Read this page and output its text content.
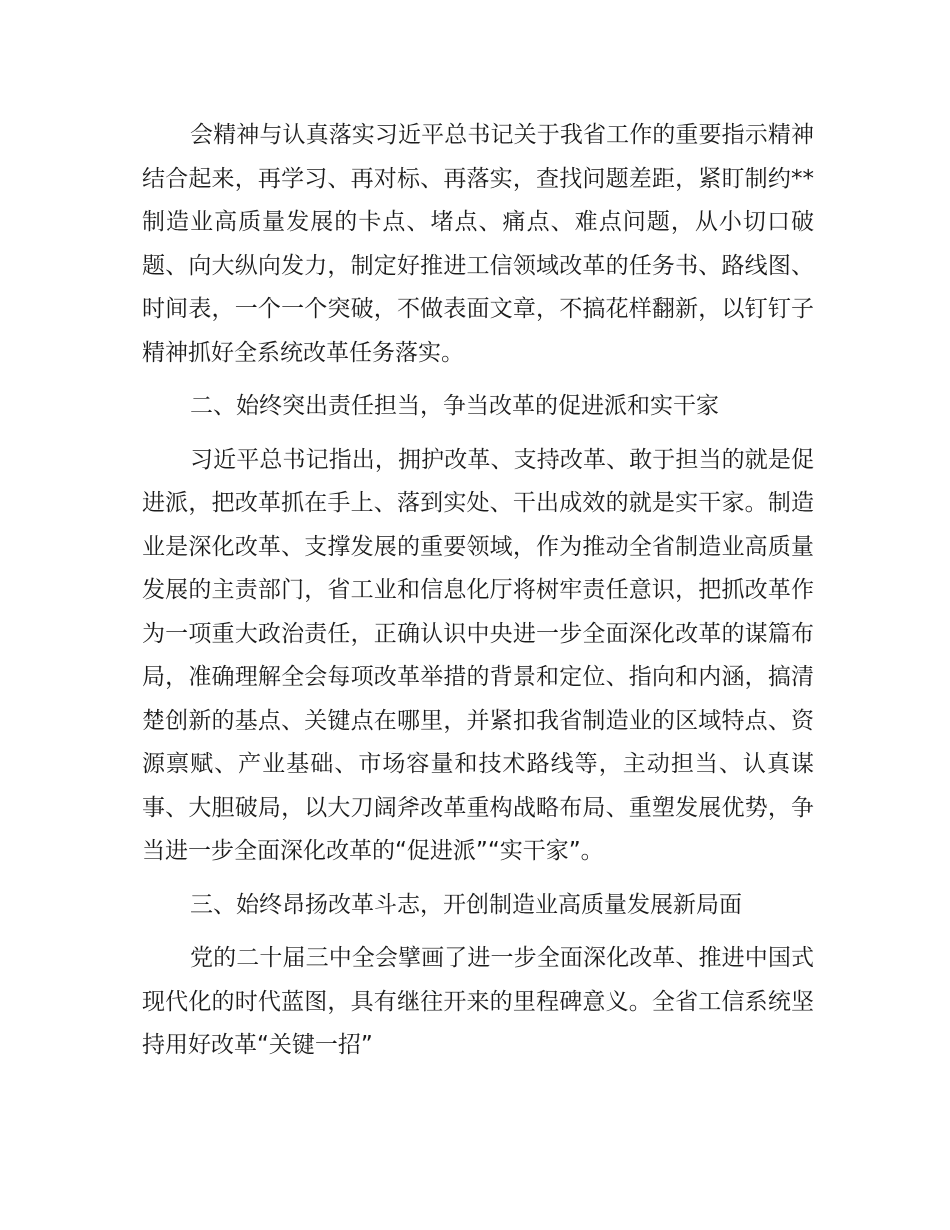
会精神与认真落实习近平总书记关于我省工作的重要指示精神结合起来，再学习、再对标、再落实，查找问题差距，紧盯制约**制造业高质量发展的卡点、堵点、痛点、难点问题，从小切口破题、向大纵向发力，制定好推进工信领域改革的任务书、路线图、时间表，一个一个突破，不做表面文章，不搞花样翻新，以钉钉子精神抓好全系统改革任务落实。

二、始终突出责任担当，争当改革的促进派和实干家

习近平总书记指出，拥护改革、支持改革、敢于担当的就是促进派，把改革抓在手上、落到实处、干出成效的就是实干家。制造业是深化改革、支撑发展的重要领域，作为推动全省制造业高质量发展的主责部门，省工业和信息化厅将树牢责任意识，把抓改革作为一项重大政治责任，正确认识中央进一步全面深化改革的谋篇布局，准确理解全会每项改革举措的背景和定位、指向和内涵，搞清楚创新的基点、关键点在哪里，并紧扣我省制造业的区域特点、资源禀赋、产业基础、市场容量和技术路线等，主动担当、认真谋事、大胆破局，以大刀阔斧改革重构战略布局、重塑发展优势，争当进一步全面深化改革的“促进派”“实干家”。

三、始终昂扬改革斗志，开创制造业高质量发展新局面

党的二十届三中全会擘画了进一步全面深化改革、推进中国式现代化的时代蓝图，具有继往开来的里程碑意义。全省工信系统坚持用好改革“关键一招”
